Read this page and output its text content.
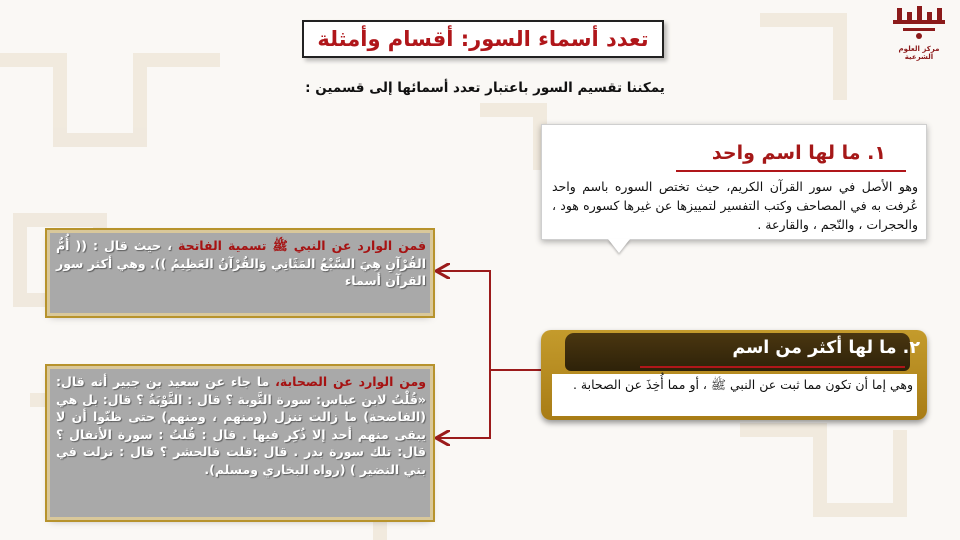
مركز العلوم الشرعية
تعدد أسماء السور: أقسام وأمثلة
يمكننا تقسيم السور باعتبار تعدد أسمائها إلى قسمين :
١. ما لها اسم واحد
وهو الأصل في سور القرآن الكريم، حيث تختص السوره باسم واحد عُرفت به في المصاحف وكتب التفسير لتمييزها عن غيرها كسوره هود ، والحجرات ، والنّجم ، والقارعة .
٢. ما لها أكثر من اسم
وهي إما أن تكون مما ثبت عن النبي ﷺ ، أو مما أُخِذَ عن الصحابة .
فمن الوارد عن النبي ﷺ تسمية الفاتحة ، حيث قال : (( أُمُّ القُرْآنِ هِيَ السَّبْعُ المَثَانِي وَالقُرْآنُ العَظِيمُ )). وهي أكثر سور القرآن أسماء
ومن الوارد عن الصحابة، ما جاء عن سعيد بن جبير أنه قال: «قُلْتُ لابن عباس: سورة التَّوبة ؟ قال : التَّوْبَةُ ؟ قال: بل هي (الفاضحة) ما زالت تنزل (ومنهم ، ومنهم) حتى ظنّوا أن لا يبقى منهم أحد إلا ذُكِر فيها . قال : قُلتُ : سورة الأنفال ؟ قال: تلك سورة بدر . قال :قلت فالحشر ؟ قال : نزلت في بني النضير ) (رواه البخاري ومسلم).
